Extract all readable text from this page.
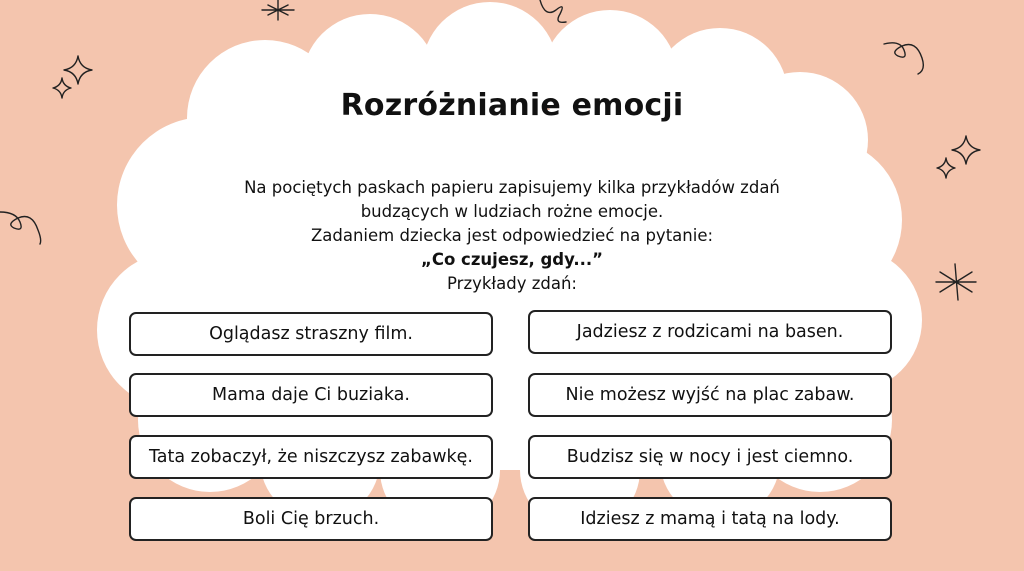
Rozróżnianie emocji
Na pociętych paskach papieru zapisujemy kilka przykładów zdań
budzących w ludziach rożne emocje.
Zadaniem dziecka jest odpowiedzieć na pytanie:
„Co czujesz, gdy...”
Przykłady zdań:
Oglądasz straszny film.
Mama daje Ci buziaka.
Tata zobaczył, że niszczysz zabawkę.
Boli Cię brzuch.
Jadziesz z rodzicami na basen.
Nie możesz wyjść na plac zabaw.
Budzisz się w nocy i jest ciemno.
Idziesz z mamą i tatą na lody.
